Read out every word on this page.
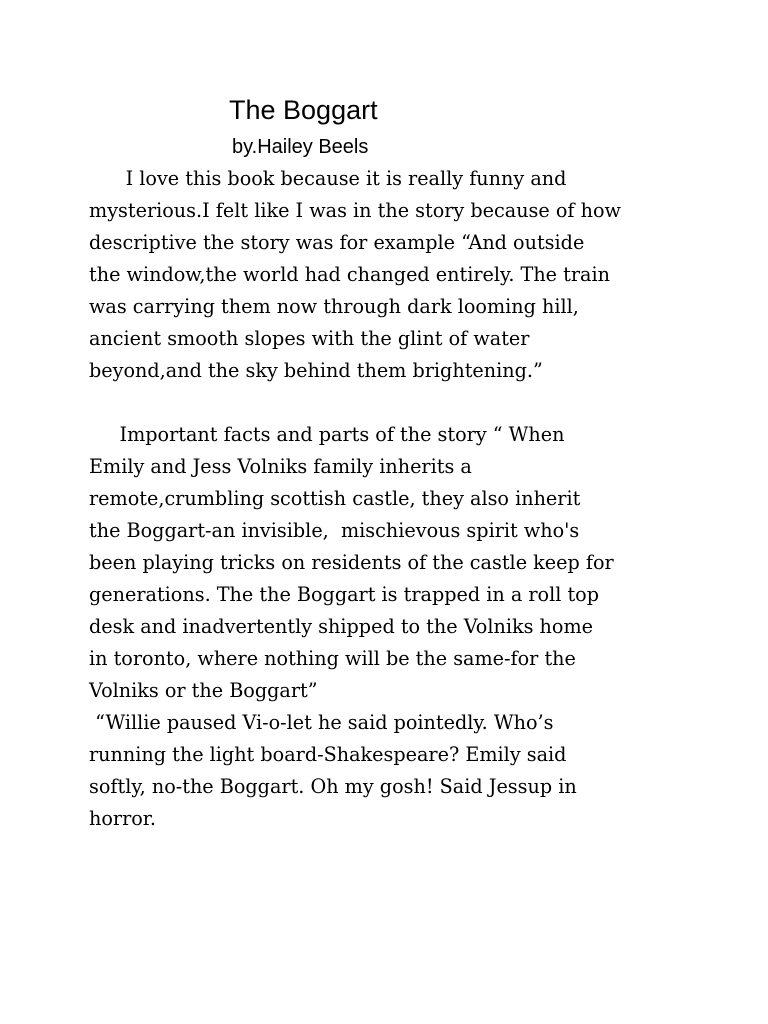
The Boggart

by.Hailey Beels

I love this book because it is really funny and
mysterious.I felt like I was in the story because of how
descriptive the story was for example “And outside
the window,the world had changed entirely. The train
was carrying them now through dark looming hill,
ancient smooth slopes with the glint of water
beyond,and the sky behind them brightening.”
Important facts and parts of the story “ When
Emily and Jess Volniks family inherits a
remote,crumbling scottish castle, they also inherit
the Boggart-an invisible,  mischievous spirit who's
been playing tricks on residents of the castle keep for
generations. The the Boggart is trapped in a roll top
desk and inadvertently shipped to the Volniks home
in toronto, where nothing will be the same-for the
Volniks or the Boggart”
“Willie paused Vi-o-let he said pointedly. Who’s
running the light board-Shakespeare? Emily said
softly, no-the Boggart. Oh my gosh! Said Jessup in
horror.
